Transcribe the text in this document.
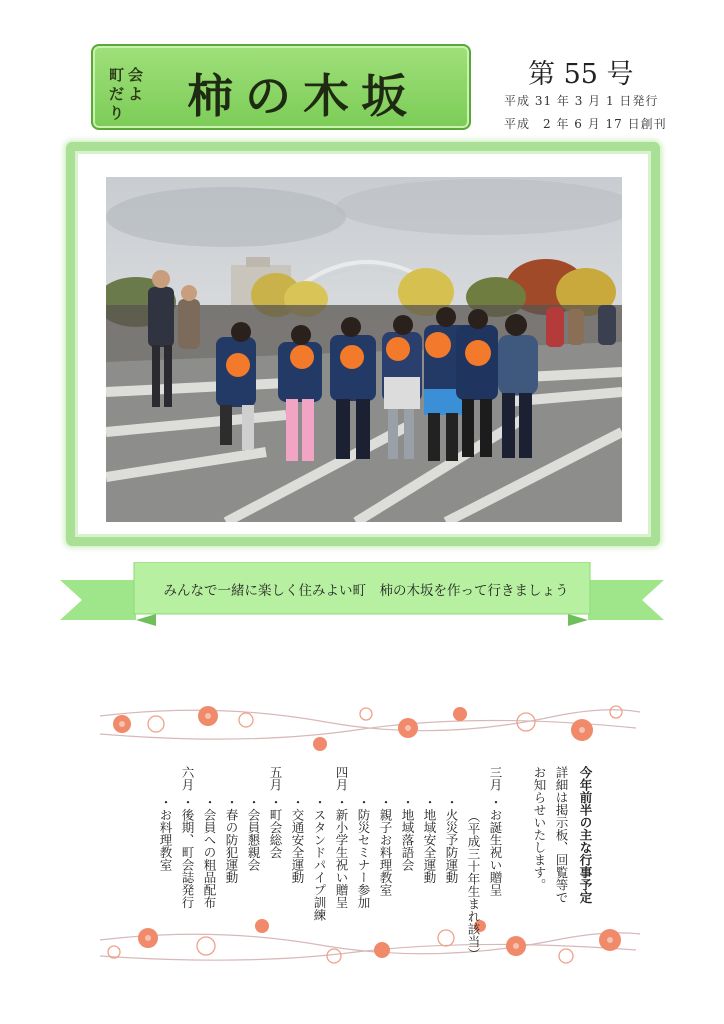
町会
だより	柿の木坂	第 55 号
平成 31 年 3 月 1 日発行
平成　2 年 6 月 17 日創刊
みんなで一緒に楽しく住みよい町　柿の木坂を作って行きましょう
今年前半の主な行事予定
詳細は掲示板、回覧等で
お知らせいたします。
三月
・お誕生祝い贈呈
（平成三十年生まれ該当）
・火災予防運動
・地域安全運動
・地域落語会
・親子お料理教室
・防災セミナー参加
四月
・新小学生祝い贈呈
・スタンドパイプ訓練
・交通安全運動
五月
・町会総会
・会員懇親会
・春の防犯運動
・会員への粗品配布
六月
・後期、町会誌発行
・お料理教室
